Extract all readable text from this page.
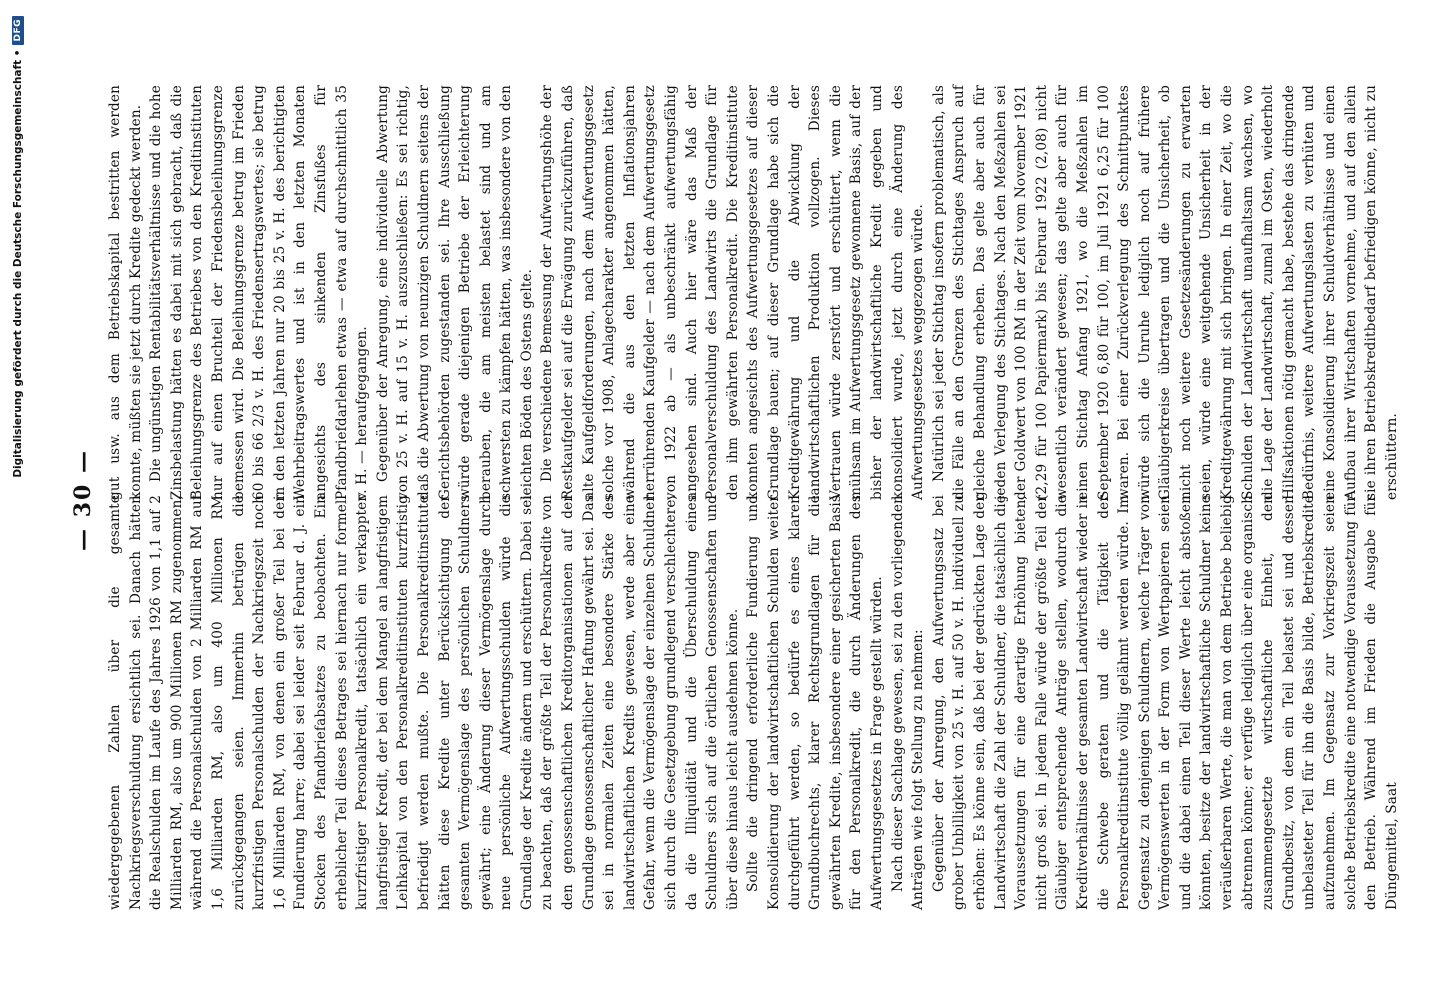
Digitalisierung gefördert durch die Deutsche Forschungsgemeinschaft •
DFG
— 30 — wiedergegebenen Zahlen über die gesamte Nachkriegsverschuldung ersichtlich sei. Danach hätten die Realschulden im Laufe des Jahres 1926 von 1,1 auf 2 Milliarden RM, also um 900 Millionen RM zugenommen, während die Personalschulden von 2 Milliarden RM auf 1,6 Milliarden RM, also um 400 Millionen RM zurückgegangen seien. Immerhin betrügen die kurzfristigen Personalschulden der Nachkriegszeit noch 1,6 Milliarden RM, von denen ein großer Teil bei der Fundierung harre; dabei sei leider seit Februar d. J. ein Stocken des Pfandbriefabsatzes zu beobachten. Ein erheblicher Teil dieses Betrages sei hiernach nur formell kurzfristiger Personalkredit, tatsächlich ein verkappter langfristiger Kredit, der bei dem Mangel an langfristigem Leihkapital von den Personalkreditinstituten kurzfristig befriedigt werden mußte. Die Personalkreditinstitute hätten diese Kredite unter Berücksichtigung der gesamten Vermögenslage des persönlichen Schuldners gewährt; eine Änderung dieser Vermögenslage durch neue persönliche Aufwertungsschulden würde die Grundlage der Kredite ändern und erschüttern. Dabei sei zu beachten, daß der größte Teil der Personalkredite von den genossenschaftlichen Kreditorganisationen auf der Grundlage genossenschaftlicher Haftung gewährt sei. Das sei in normalen Zeiten eine besondere Stärke des landwirtschaftlichen Kredits gewesen, werde aber eine Gefahr, wenn die Vermögenslage der einzelnen Schuldner sich durch die Gesetzgebung grundlegend verschlechtere, da die Illiquidität und die Überschuldung eines Schuldners sich auf die örtlichen Genossenschaften und über diese hinaus leicht ausdehnen könne. Sollte die dringend erforderliche Fundierung und Konsolidierung der landwirtschaftlichen Schulden weiter durchgeführt werden, so bedürfe es eines klaren Grundbuchrechts, klarer Rechtsgrundlagen für die gewährten Kredite, insbesondere einer gesicherten Basis für den Personalkredit, die durch Änderungen des Aufwertungsgesetzes in Frage gestellt würden. Nach dieser Sachlage gewesen, sei zu den vorliegenden Anträgen wie folgt Stellung zu nehmen: Gegenüber der Anregung, den Aufwertungssatz bei grober Unbilligkeit von 25 v. H. auf 50 v. H. individuell zu erhöhen: Es könne sein, daß bei der gedrückten Lage der Landwirtschaft die Zahl der Schuldner, die tatsächlich die Voraussetzungen für eine derartige Erhöhung bieten, nicht groß sei. In jedem Falle würde der größte Teil der Gläubiger entsprechende Anträge stellen, wodurch die Kreditverhältnisse der gesamten Landwirtschaft wieder in die Schwebe geraten und die Tätigkeit der Personalkreditinstitute völlig gelähmt werden würde. Im Gegensatz zu denjenigen Schuldnern, welche Träger von Vermögenswerten in der Form von Wertpapieren seien und die dabei einen Teil dieser Werte leicht abstoßen könnten, besitze der landwirtschaftliche Schuldner keine veräußerbaren Werte, die man von dem Betriebe beliebig abtrennen könne; er verfüge lediglich über eine organisch zusammengesetzte wirtschaftliche Einheit, den Grundbesitz, von dem ein Teil belastet sei und dessen unbelasteter Teil für ihn die Basis bilde, Betriebskredite aufzunehmen. Im Gegensatz zur Vorkriegszeit seien solche Betriebskredite eine notwendige Voraussetzung für den Betrieb. Während im Frieden die Ausgabe für Düngemittel, Saat

gut usw. aus dem Betriebskapital bestritten werden konnte, müßten sie jetzt durch Kredite gedeckt werden. Die ungünstigen Rentabilitätsverhältnisse und die hohe Zinsbelastung hätten es dabei mit sich gebracht, daß die Beleihungsgrenze des Betriebes von den Kreditinstituten nur auf einen Bruchteil der Friedensbeleihungsgrenze bemessen wird. Die Beleihungsgrenze betrug im Frieden 60 bis 66 2/3 v. H. des Friedensertragswertes; sie betrug in den letzten Jahren nur 20 bis 25 v. H. des berichtigten Wehrbeitragswertes und ist in den letzten Monaten angesichts des sinkenden Zinsfußes für Pfandbriefdarlehen etwas — etwa auf durchschnittlich 35 v. H. — heraufgegangen. Gegenüber der Anregung, eine individuelle Abwertung von 25 v. H. auf 15 v. H. auszuschließen: Es sei richtig, daß die Abwertung von neunzigen Schuldnern seitens der Gerichtsbehörden zugestanden sei. Ihre Ausschließung würde gerade diejenigen Betriebe der Erleichterung berauben, die am meisten belastet sind und am schwersten zu kämpfen hätten, was insbesondere von den leichten Böden des Ostens gelte. Die verschiedene Bemessung der Aufwertungshöhe der Restkaufgelder sei auf die Erwägung zurückzuführen, daß alte Kaufgeldforderungen, nach dem Aufwertungsgesetz solche vor 1908, Anlagecharakter angenommen hätten, während die aus den letzten Inflationsjahren herrührenden Kaufgelder — nach dem Aufwertungsgesetz von 1922 ab — als unbeschränkt aufwertungsfähig angesehen sind. Auch hier wäre das Maß der Personalverschuldung des Landwirts die Grundlage für den ihm gewährten Personalkredit. Die Kreditinstitute konnten angesichts des Aufwertungsgesetzes auf dieser Grundlage bauen; auf dieser Grundlage habe sich die Kreditgewährung und die Abwicklung der landwirtschaftlichen Produktion vollzogen. Dieses Vertrauen würde zerstört und erschüttert, wenn die mühsam im Aufwertungsgesetz gewonnene Basis, auf der bisher der landwirtschaftliche Kredit gegeben und konsolidiert wurde, jetzt durch eine Änderung des Aufwertungsgesetzes weggezogen würde. Natürlich sei jeder Stichtag insofern problematisch, als die Fälle an den Grenzen des Stichtages Anspruch auf gleiche Behandlung erheben. Das gelte aber auch für jeden Verlegung des Stichtages. Nach den Meßzahlen sei der Goldwert von 100 RM in der Zeit vom November 1921 (2,29 für 100 Papiermark) bis Februar 1922 (2,08) nicht wesentlich verändert gewesen; das gelte aber auch für einen Stichtag Anfang 1921, wo die Meßzahlen im September 1920 6,80 für 100, im Juli 1921 6,25 für 100 waren. Bei einer Zurückverlegung des Schnittpunktes würde sich die Unruhe lediglich noch auf frühere Gläubigerkreise übertragen und die Unsicherheit, ob nicht noch weitere Gesetzesänderungen zu erwarten seien, würde eine weitgehende Unsicherheit in der Kreditgewährung mit sich bringen. In einer Zeit, wo die Schulden der Landwirtschaft unaufhaltsam wachsen, wo die Lage der Landwirtschaft, zumal im Osten, wiederholt Hilfsaktionen nötig gemacht habe, bestehe das dringende Bedürfnis, weitere Aufwertungslasten zu verhüten und eine Konsolidierung ihrer Schuldverhältnisse und einen Aufbau ihrer Wirtschaften vornehme, und auf den allein sie ihren Betriebskreditbedarf befriedigen könne, nicht zu erschüttern.
